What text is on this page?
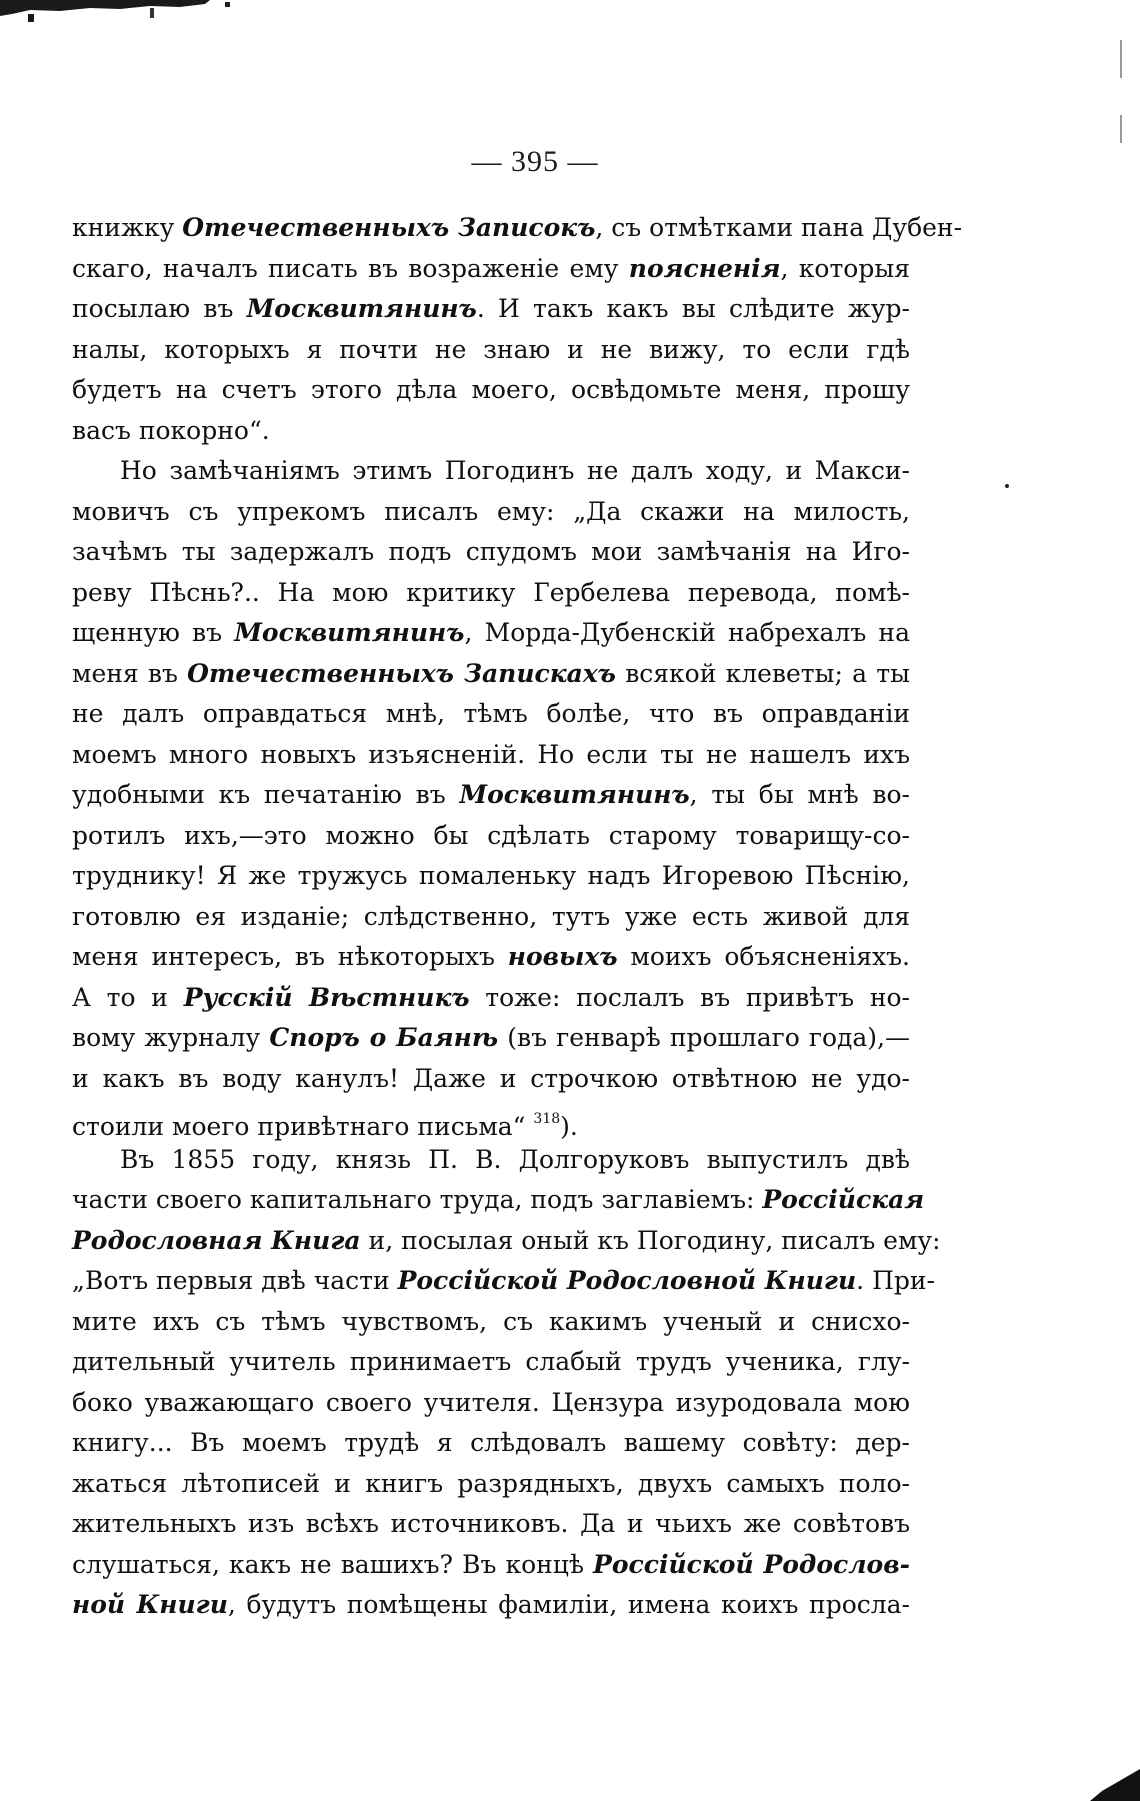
— 395 —
книжку Отечественныхъ Записокъ, съ отмѣтками пана Дубен-
скаго, началъ писать въ возраженіе ему поясненія, которыя
посылаю въ Москвитянинъ. И такъ какъ вы слѣдите жур-
налы, которыхъ я почти не знаю и не вижу, то если гдѣ
будетъ на счетъ этого дѣла моего, освѣдомьте меня, прошу
васъ покорно“.
Но замѣчаніямъ этимъ Погодинъ не далъ ходу, и Макси-
мовичъ съ упрекомъ писалъ ему: „Да скажи на милость,
зачѣмъ ты задержалъ подъ спудомъ мои замѣчанія на Иго-
реву Пѣснь?.. На мою критику Гербелева перевода, помѣ-
щенную въ Москвитянинъ, Морда-Дубенскій набрехалъ на
меня въ Отечественныхъ Запискахъ всякой клеветы; а ты
не далъ оправдаться мнѣ, тѣмъ болѣе, что въ оправданіи
моемъ много новыхъ изъясненій. Но если ты не нашелъ ихъ
удобными къ печатанію въ Москвитянинъ, ты бы мнѣ во-
ротилъ ихъ,—это можно бы сдѣлать старому товарищу-со-
труднику! Я же тружусь помаленьку надъ Игоревою Пѣснію,
готовлю ея изданіе; слѣдственно, тутъ уже есть живой для
меня интересъ, въ нѣкоторыхъ новыхъ моихъ объясненіяхъ.
А то и Русскій Вѣстникъ тоже: послалъ въ привѣтъ но-
вому журналу Споръ о Баянѣ (въ генварѣ прошлаго года),—
и какъ въ воду канулъ! Даже и строчкою отвѣтною не удо-
стоили моего привѣтнаго письма“ $^{318}$).
Въ 1855 году, князь П. В. Долгоруковъ выпустилъ двѣ
части своего капитальнаго труда, подъ заглавіемъ: Россійская
Родословная Книга и, посылая оный къ Погодину, писалъ ему:
„Вотъ первыя двѣ части Россійской Родословной Книги. При-
мите ихъ съ тѣмъ чувствомъ, съ какимъ ученый и снисхо-
дительный учитель принимаетъ слабый трудъ ученика, глу-
боко уважающаго своего учителя. Цензура изуродовала мою
книгу... Въ моемъ трудѣ я слѣдовалъ вашему совѣту: дер-
жаться лѣтописей и книгъ разрядныхъ, двухъ самыхъ поло-
жительныхъ изъ всѣхъ источниковъ. Да и чьихъ же совѣтовъ
слушаться, какъ не вашихъ? Въ концѣ Россійской Родослов-
ной Книги, будутъ помѣщены фамиліи, имена коихъ просла-
